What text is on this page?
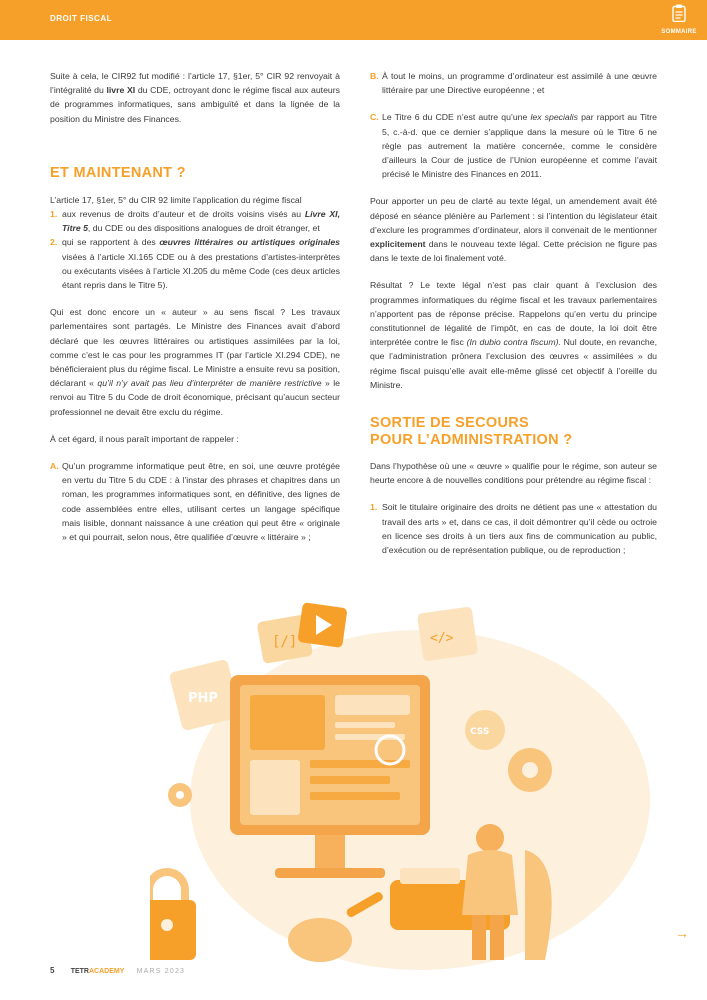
DROIT FISCAL
SOMMAIRE

Suite à cela, le CIR92 fut modifié : l’article 17, §1er, 5° CIR 92 renvoyait à l’intégralité du livre XI du CDE, octroyant donc le régime fiscal aux auteurs de programmes informatiques, sans ambiguïté et dans la lignée de la position du Ministre des Finances.

ET MAINTENANT ?

L’article 17, §1er, 5° du CIR 92 limite l’application du régime fiscal

1. aux revenus de droits d’auteur et de droits voisins visés au Livre XI, Titre 5, du CDE ou des dispositions analogues de droit étranger, et
2. qui se rapportent à des œuvres littéraires ou artistiques originales visées à l’article XI.165 CDE ou à des prestations d’artistes-interprètes ou exécutants visées à l’article XI.205 du même Code (ces deux articles étant repris dans le Titre 5).

Qui est donc encore un « auteur » au sens fiscal ? Les travaux parlementaires sont partagés. Le Ministre des Finances avait d’abord déclaré que les œuvres littéraires ou artistiques assimilées par la loi, comme c’est le cas pour les programmes IT (par l’article XI.294 CDE), ne bénéficieraient plus du régime fiscal. Le Ministre a ensuite revu sa position, déclarant « qu’il n’y avait pas lieu d’interpréter de manière restrictive » le renvoi au Titre 5 du Code de droit économique, précisant qu’aucun secteur professionnel ne devait être exclu du régime.

À cet égard, il nous paraît important de rappeler :

A. Qu’un programme informatique peut être, en soi, une œuvre protégée en vertu du Titre 5 du CDE : à l’instar des phrases et chapitres dans un roman, les programmes informatiques sont, en définitive, des lignes de code assemblées entre elles, utilisant certes un langage spécifique mais lisible, donnant naissance à une création qui peut être « originale » et qui pourrait, selon nous, être qualifiée d’œuvre « littéraire » ;
B. À tout le moins, un programme d’ordinateur est assimilé à une œuvre littéraire par une Directive européenne ; et
C. Le Titre 6 du CDE n’est autre qu’une lex specialis par rapport au Titre 5, c.-à-d. que ce dernier s’applique dans la mesure où le Titre 6 ne règle pas autrement la matière concernée, comme le considère d’ailleurs la Cour de justice de l’Union européenne et comme l’avait précisé le Ministre des Finances en 2011.

Pour apporter un peu de clarté au texte légal, un amendement avait été déposé en séance plénière au Parlement : si l’intention du législateur était d’exclure les programmes d’ordinateur, alors il convenait de le mentionner explicitement dans le nouveau texte légal. Cette précision ne figure pas dans le texte de loi finalement voté.

Résultat ? Le texte légal n’est pas clair quant à l’exclusion des programmes informatiques du régime fiscal et les travaux parlementaires n’apportent pas de réponse précise. Rappelons qu’en vertu du principe constitutionnel de légalité de l’impôt, en cas de doute, la loi doit être interprétée contre le fisc (In dubio contra fiscum). Nul doute, en revanche, que l’administration prônera l’exclusion des œuvres « assimilées » du régime fiscal puisqu’elle avait elle-même glissé cet objectif à l’oreille du Ministre.

SORTIE DE SECOURS
POUR L’ADMINISTRATION ?

Dans l’hypothèse où une « œuvre » qualifie pour le régime, son auteur se heurte encore à de nouvelles conditions pour prétendre au régime fiscal :

1. Soit le titulaire originaire des droits ne détient pas une « attestation du travail des arts » et, dans ce cas, il doit démontrer qu’il cède ou octroie en licence ses droits à un tiers aux fins de communication au public, d’exécution ou de représentation publique, ou de reproduction ;
PHP
[/]	</>
CSS
→
5 TETRACADEMY MARS 2023
